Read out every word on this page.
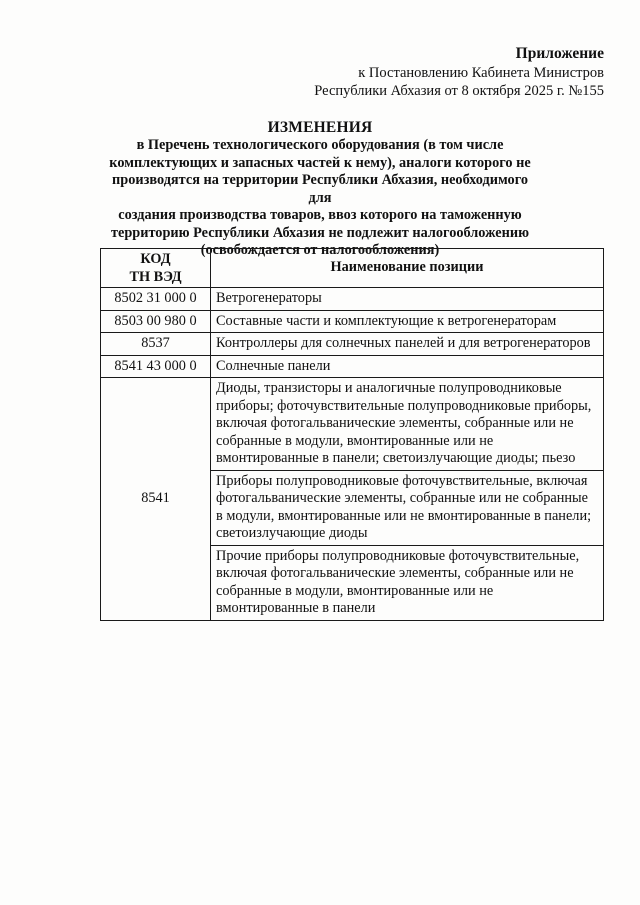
Приложение
к Постановлению Кабинета Министров
Республики Абхазия от 8 октября 2025 г. №155
ИЗМЕНЕНИЯ
в Перечень технологического оборудования (в том числе
комплектующих и запасных частей к нему), аналоги которого не
производятся на территории Республики Абхазия, необходимого для
создания производства товаров, ввоз которого на таможенную
территорию Республики Абхазия не подлежит налогообложению
(освобождается от налогообложения)
КОД
ТН ВЭД	Наименование позиции
8502 31 000 0	Ветрогенераторы
8503 00 980 0	Составные части и комплектующие к ветрогенераторам
8537	Контроллеры для солнечных панелей и для ветрогенераторов
8541 43 000 0	Солнечные панели
8541	Диоды, транзисторы и аналогичные полупроводниковые
приборы; фоточувствительные полупроводниковые приборы,
включая фотогальванические элементы, собранные или не
собранные в модули, вмонтированные или не
вмонтированные в панели; светоизлучающие диоды; пьезо

	Приборы полупроводниковые фоточувствительные, включая
фотогальванические элементы, собранные или не собранные
в модули, вмонтированные или не вмонтированные в панели;
светоизлучающие диоды

	Прочие приборы полупроводниковые фоточувствительные,
включая фотогальванические элементы, собранные или не
собранные в модули, вмонтированные или не
вмонтированные в панели
